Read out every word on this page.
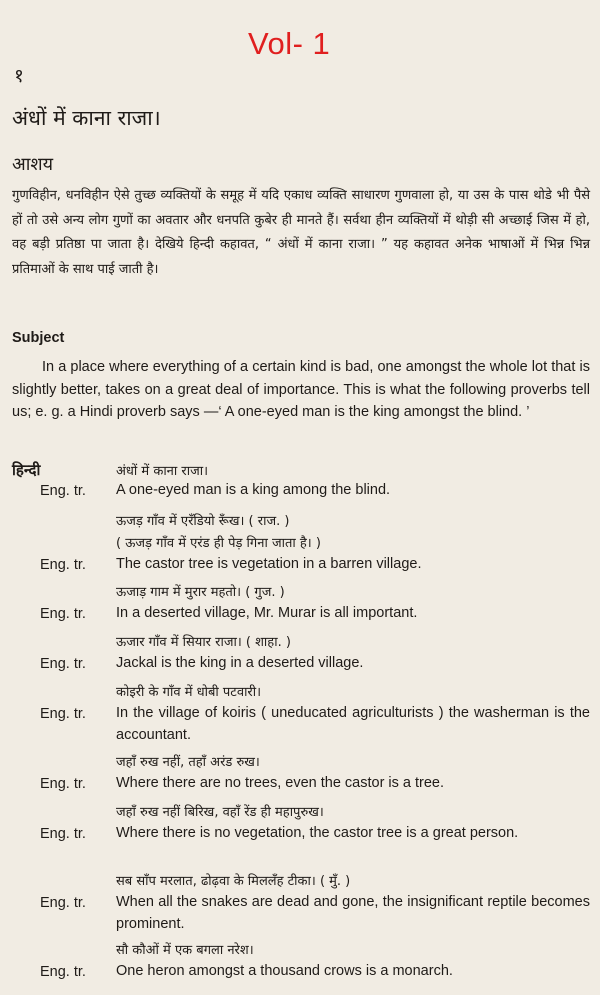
Vol- 1
१
अंधों में काना राजा।
आशय
गुणविहीन, धनविहीन ऐसे तुच्छ व्यक्तियों के समूह में यदि एकाध व्यक्ति साधारण गुणवाला हो, या उस के पास थोडे भी पैसे हों तो उसे अन्य लोग गुणों का अवतार और धनपति कुबेर ही मानते हैं। सर्वथा हीन व्यक्तियों में थोड़ी सी अच्छाई जिस में हो, वह बड़ी प्रतिष्ठा पा जाता है। देखिये हिन्दी कहावत, “ अंधों में काना राजा। ” यह कहावत अनेक भाषाओं में भिन्न भिन्न प्रतिमाओं के साथ पाई जाती है।
Subject
In a place where everything of a certain kind is bad, one amongst the whole lot that is slightly better, takes on a great deal of importance. This is what the following proverbs tell us; e. g. a Hindi proverb says —‘ A one-eyed man is the king amongst the blind. ’
हिन्दी	अंधों में काना राजा।
Eng. tr. A one-eyed man is a king among the blind.
ऊजड़ गाँव में एरँडियो रूँख। ( राज. )
( ऊजड़ गाँव में एरंड ही पेड़ गिना जाता है। )
Eng. tr. The castor tree is vegetation in a barren village.
ऊजाड़ गाम में मुरार महतो। ( गुज. )
Eng. tr. In a deserted village, Mr. Murar is all important.
ऊजार गाँव में सियार राजा। ( शाहा. )
Eng. tr. Jackal is the king in a deserted village.
कोइरी के गाँव में धोबी पटवारी।
Eng. tr. In the village of koiris ( uneducated agriculturists ) the washerman is the accountant.
जहाँ रुख नहीं, तहाँ अरंड रुख।
Eng. tr. Where there are no trees, even the castor is a tree.
जहाँ रुख नहीं बिरिख, वहाँ रेंड ही महापुरुख।
Eng. tr. Where there is no vegetation, the castor tree is a great person.
सब साँप मरलात, ढोढ़वा के मिललँह टीका। ( मुँ. )
Eng. tr. When all the snakes are dead and gone, the insignificant reptile becomes prominent.
सौ कौओं में एक बगला नरेश।
Eng. tr. One heron amongst a thousand crows is a monarch.
